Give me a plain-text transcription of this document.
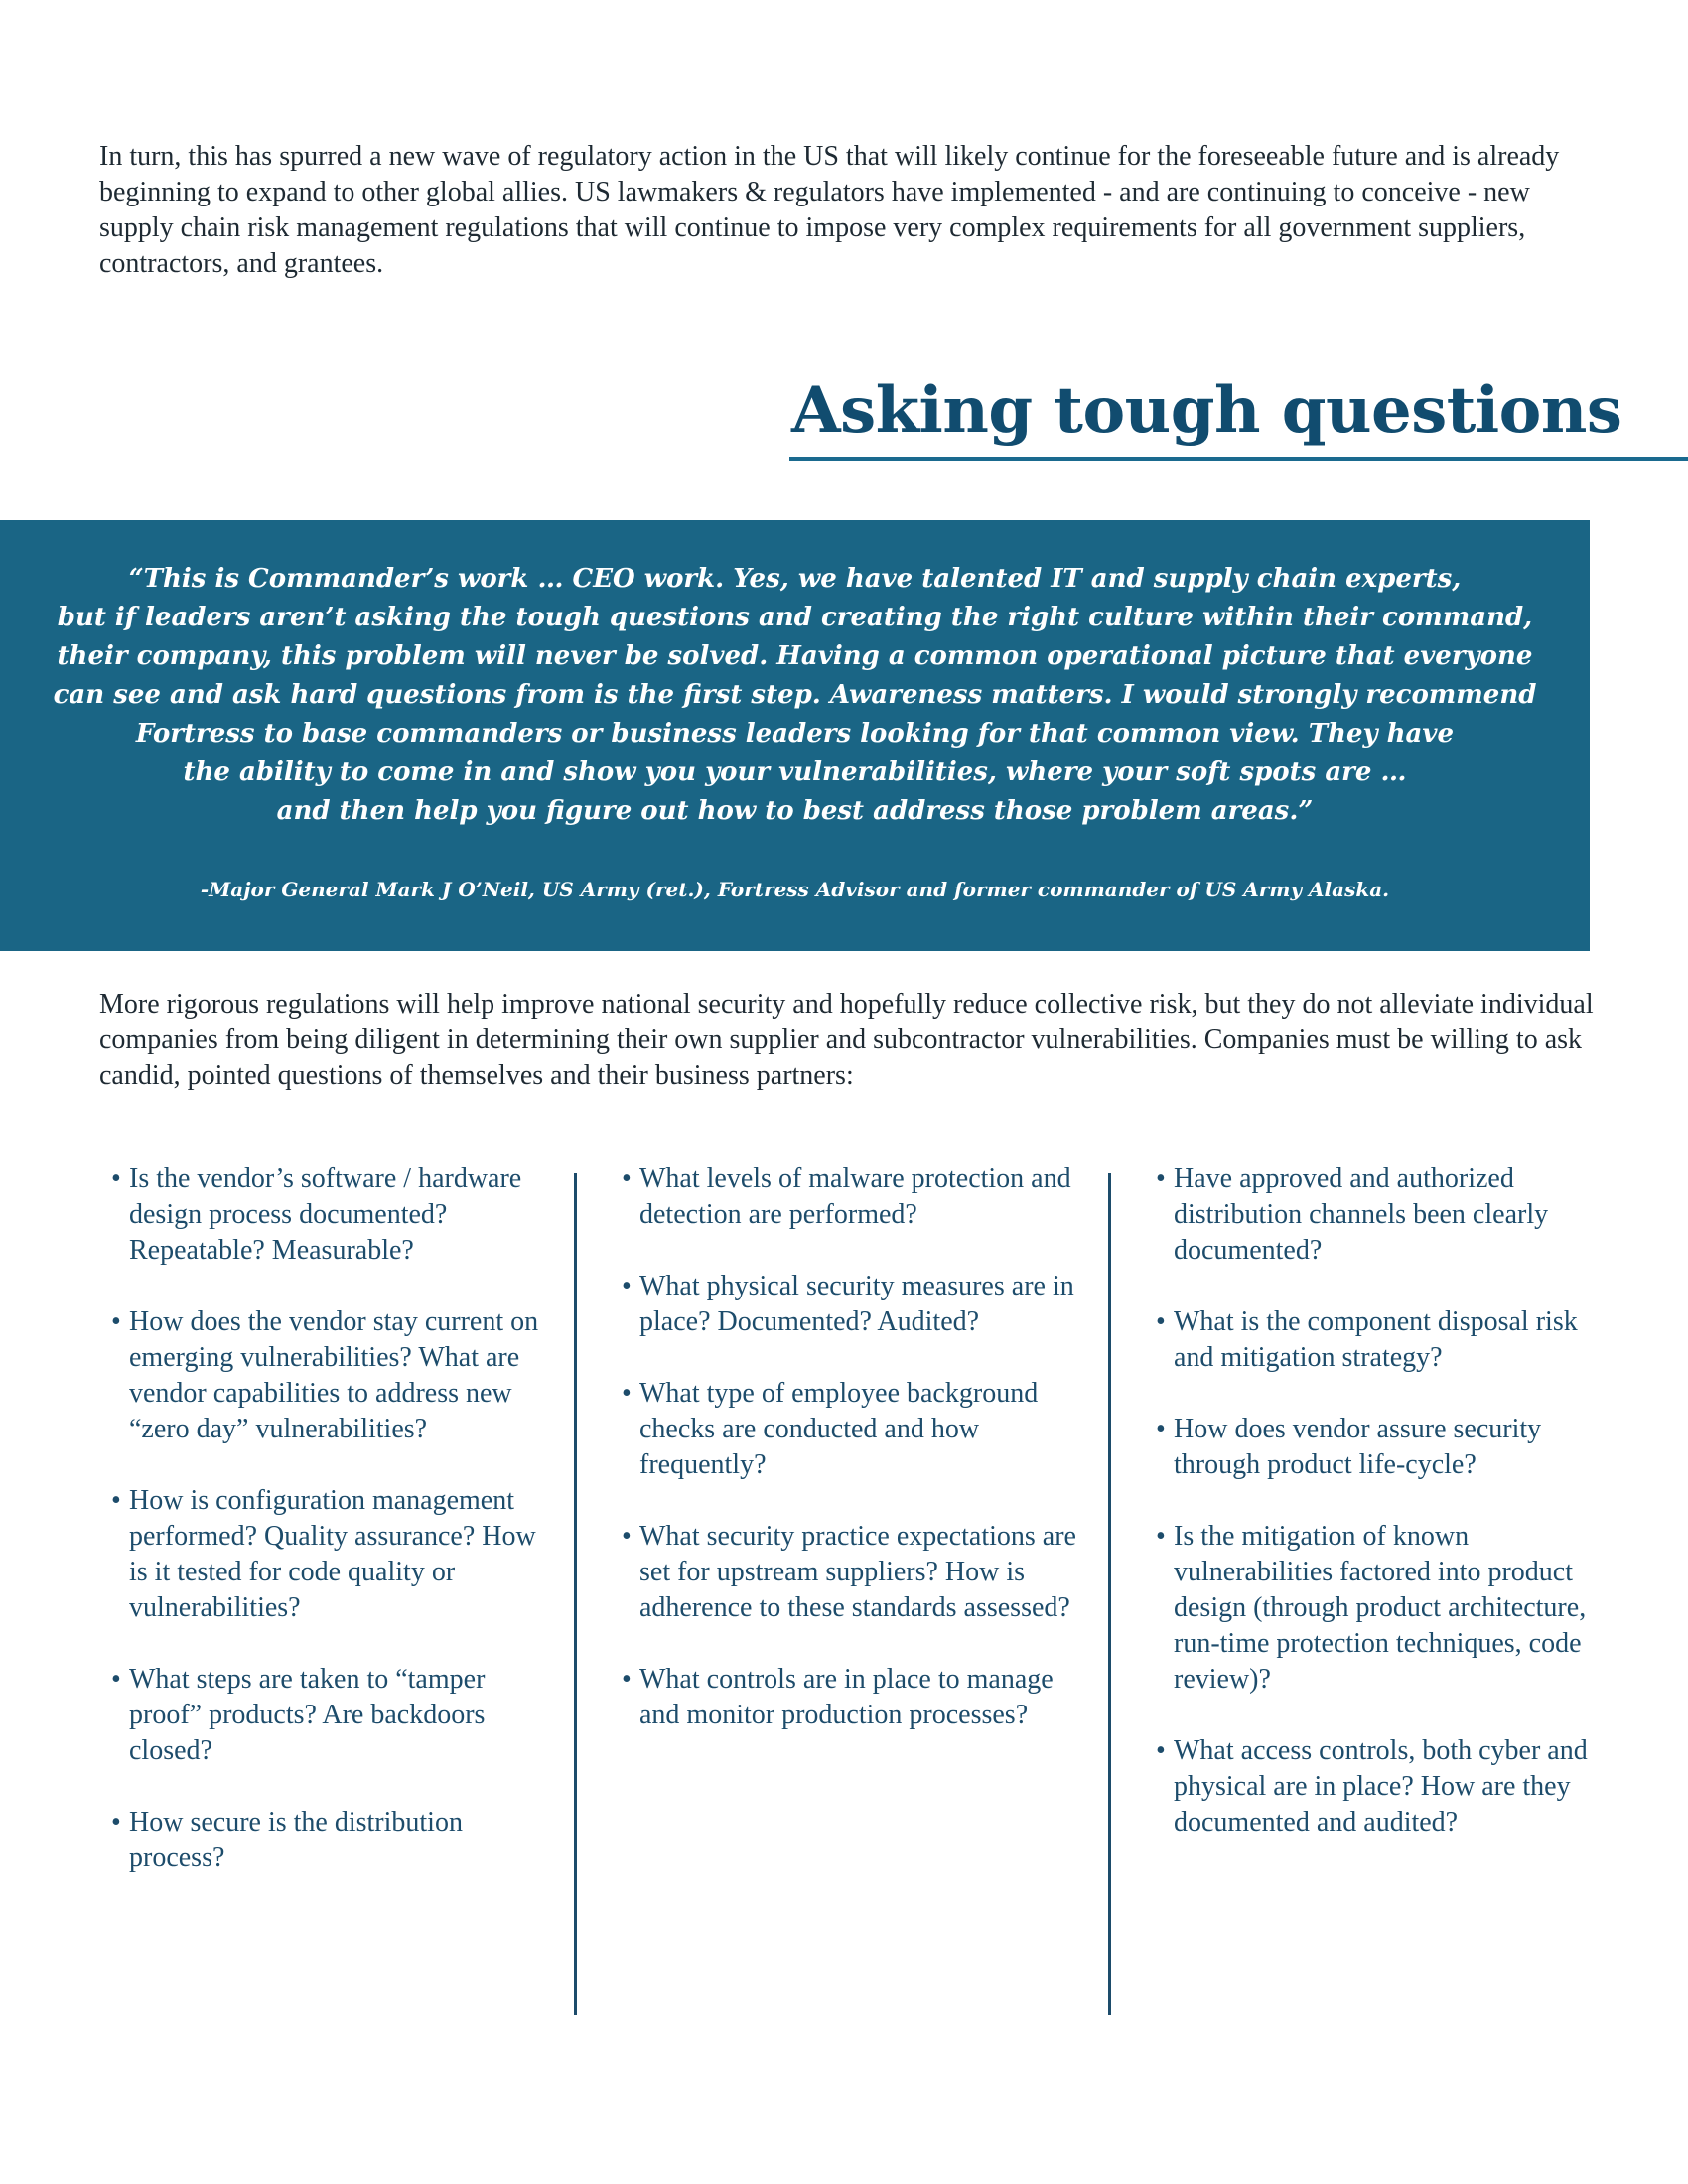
In turn, this has spurred a new wave of regulatory action in the US that will likely continue for the foreseeable future and is already beginning to expand to other global allies. US lawmakers & regulators have implemented - and are continuing to conceive - new supply chain risk management regulations that will continue to impose very complex requirements for all government suppliers, contractors, and grantees.

Asking tough questions

“This is Commander’s work … CEO work. Yes, we have talented IT and supply chain experts,
but if leaders aren’t asking the tough questions and creating the right culture within their command,
their company, this problem will never be solved. Having a common operational picture that everyone
can see and ask hard questions from is the first step. Awareness matters. I would strongly recommend
Fortress to base commanders or business leaders looking for that common view. They have
the ability to come in and show you your vulnerabilities, where your soft spots are …
and then help you figure out how to best address those problem areas.”

-Major General Mark J O’Neil, US Army (ret.), Fortress Advisor and former commander of US Army Alaska.

More rigorous regulations will help improve national security and hopefully reduce collective risk, but they do not alleviate individual companies from being diligent in determining their own supplier and subcontractor vulnerabilities. Companies must be willing to ask candid, pointed questions of themselves and their business partners:

• Is the vendor’s software / hardware design process documented? Repeatable? Measurable?
• How does the vendor stay current on emerging vulnerabilities? What are vendor capabilities to address new “zero day” vulnerabilities?
• How is configuration management performed? Quality assurance? How is it tested for code quality or vulnerabilities?
• What steps are taken to “tamper proof” products? Are backdoors closed?
• How secure is the distribution process?
• What levels of malware protection and detection are performed?
• What physical security measures are in place? Documented? Audited?
• What type of employee background checks are conducted and how frequently?
• What security practice expectations are set for upstream suppliers? How is adherence to these standards assessed?
• What controls are in place to manage and monitor production processes?
• Have approved and authorized distribution channels been clearly documented?
• What is the component disposal risk and mitigation strategy?
• How does vendor assure security through product life-cycle?
• Is the mitigation of known vulnerabilities factored into product design (through product architecture, run-time protection techniques, code review)?
• What access controls, both cyber and physical are in place? How are they documented and audited?
